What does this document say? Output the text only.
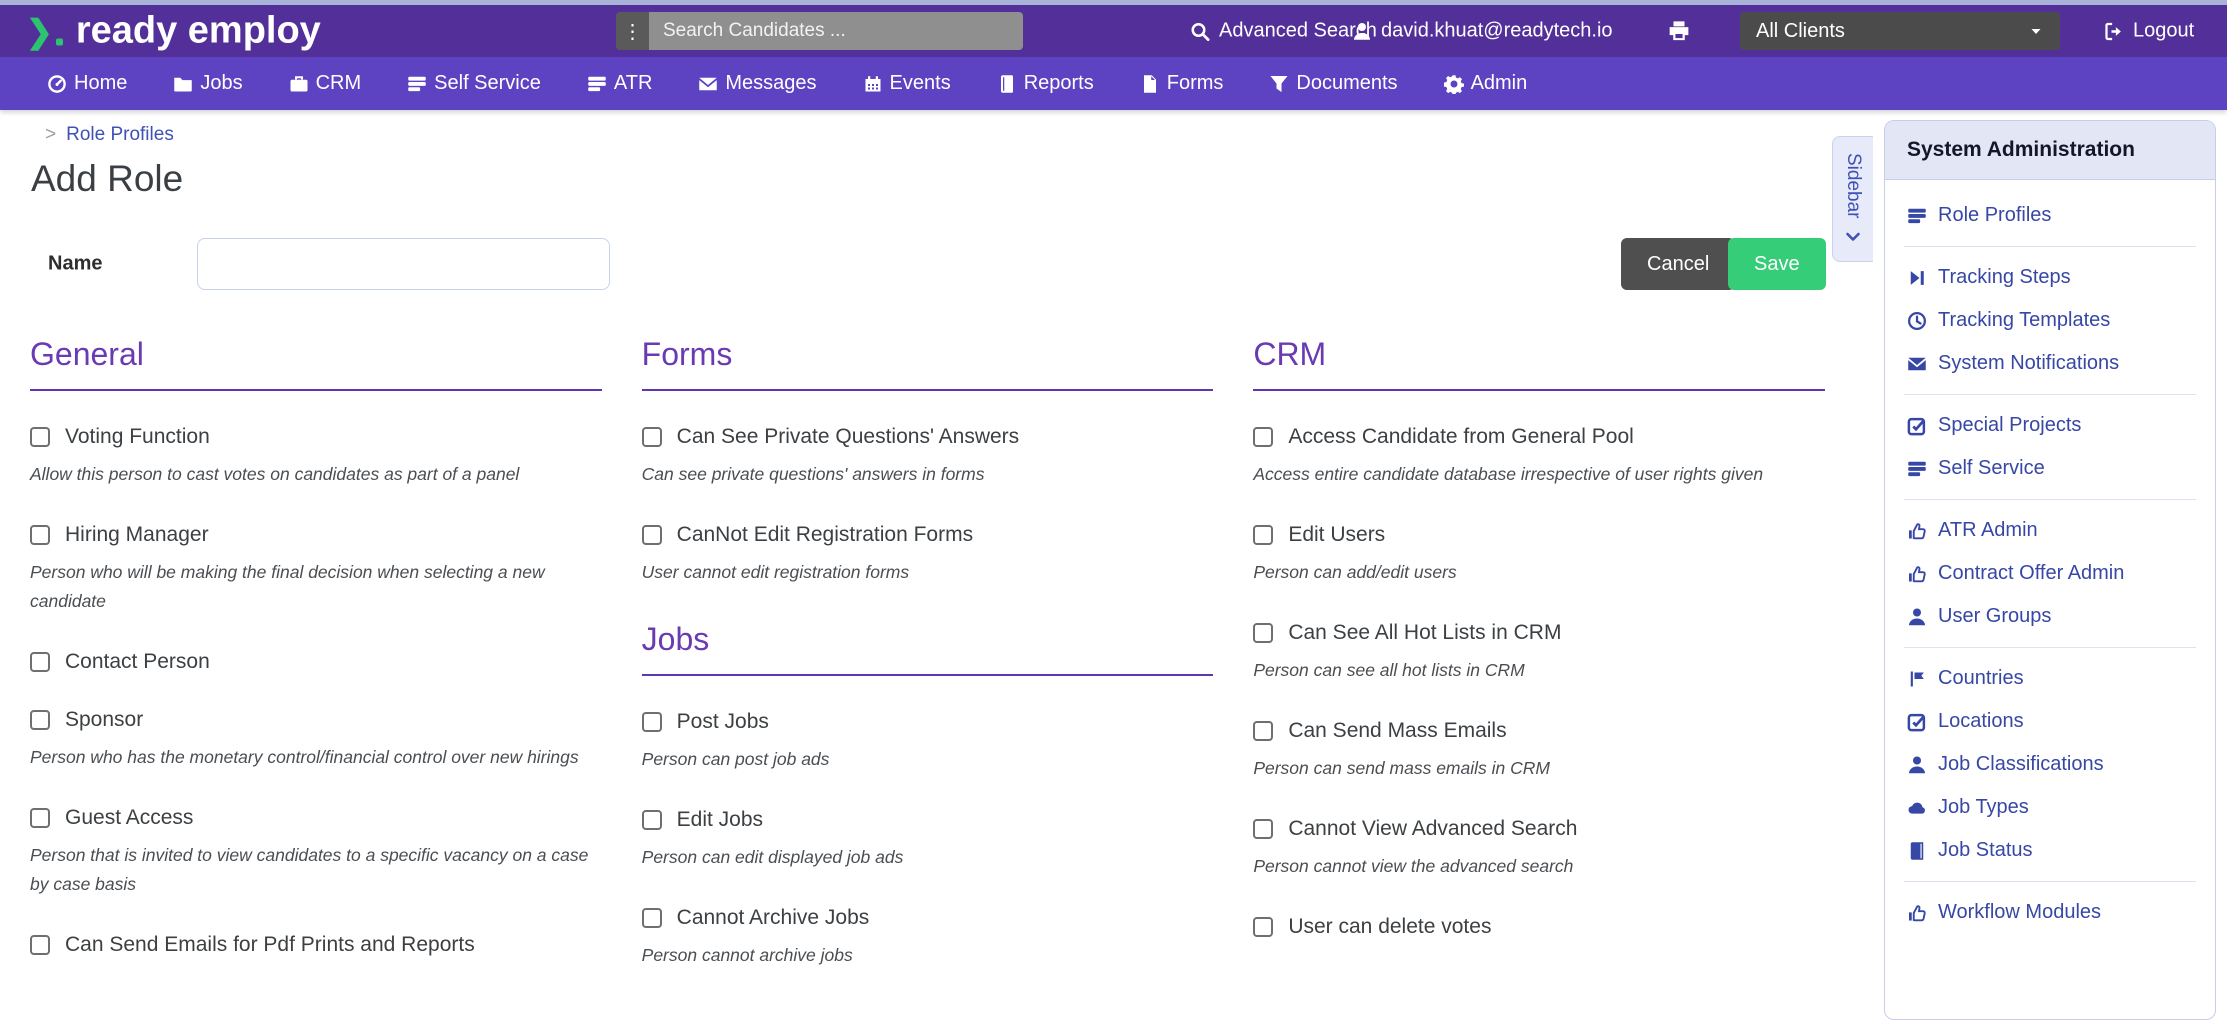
❯ ready employ	⋮
Search Candidates ...	Advanced Search david.khuat@readytech.io	All Clients	Logout
Home	Jobs	CRM	Self Service	ATR	Messages	Events	Reports	Forms	Documents	Admin
> Role Profiles
Add Role
Name	Cancel	Save
General
Voting Function
Allow this person to cast votes on candidates as part of a panel
Hiring Manager
Person who will be making the final decision when selecting a new candidate
Contact Person
Sponsor
Person who has the monetary control/financial control over new hirings
Guest Access
Person that is invited to view candidates to a specific vacancy on a case by case basis
Can Send Emails for Pdf Prints and Reports
Forms
Can See Private Questions' Answers
Can see private questions' answers in forms
CanNot Edit Registration Forms
User cannot edit registration forms
Jobs
Post Jobs
Person can post job ads
Edit Jobs
Person can edit displayed job ads
Cannot Archive Jobs
Person cannot archive jobs
CRM
Access Candidate from General Pool
Access entire candidate database irrespective of user rights given
Edit Users
Person can add/edit users
Can See All Hot Lists in CRM
Person can see all hot lists in CRM
Can Send Mass Emails
Person can send mass emails in CRM
Cannot View Advanced Search
Person cannot view the advanced search
User can delete votes
Sidebar
System Administration
Role Profiles
Tracking Steps
Tracking Templates
System Notifications
Special Projects
Self Service
ATR Admin
Contract Offer Admin
User Groups
Countries
Locations
Job Classifications
Job Types
Job Status
Workflow Modules
